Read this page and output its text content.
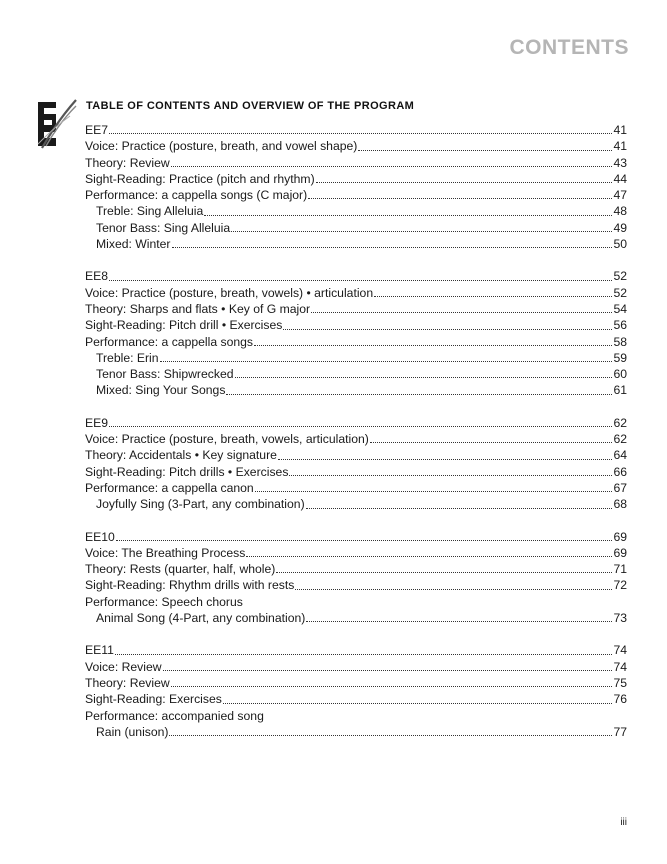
CONTENTS
TABLE OF CONTENTS AND OVERVIEW OF THE PROGRAM
EE7	41
Voice: Practice (posture, breath, and vowel shape)	41
Theory: Review	43
Sight-Reading: Practice (pitch and rhythm)	44
Performance: a cappella songs (C major)	47
Treble: Sing Alleluia	48
Tenor Bass: Sing Alleluia	49
Mixed: Winter	50
EE8	52
Voice: Practice (posture, breath, vowels) • articulation	52
Theory: Sharps and flats • Key of G major	54
Sight-Reading: Pitch drill • Exercises	56
Performance: a cappella songs	58
Treble: Erin	59
Tenor Bass: Shipwrecked	60
Mixed: Sing Your Songs	61
EE9	62
Voice: Practice (posture, breath, vowels, articulation)	62
Theory: Accidentals • Key signature	64
Sight-Reading: Pitch drills • Exercises	66
Performance: a cappella canon	67
Joyfully Sing (3-Part, any combination)	68
EE10	69
Voice: The Breathing Process	69
Theory: Rests (quarter, half, whole)	71
Sight-Reading: Rhythm drills with rests	72
Performance: Speech chorus
Animal Song (4-Part, any combination)	73
EE11	74
Voice: Review	74
Theory: Review	75
Sight-Reading: Exercises	76
Performance: accompanied song
Rain (unison)	77
iii
